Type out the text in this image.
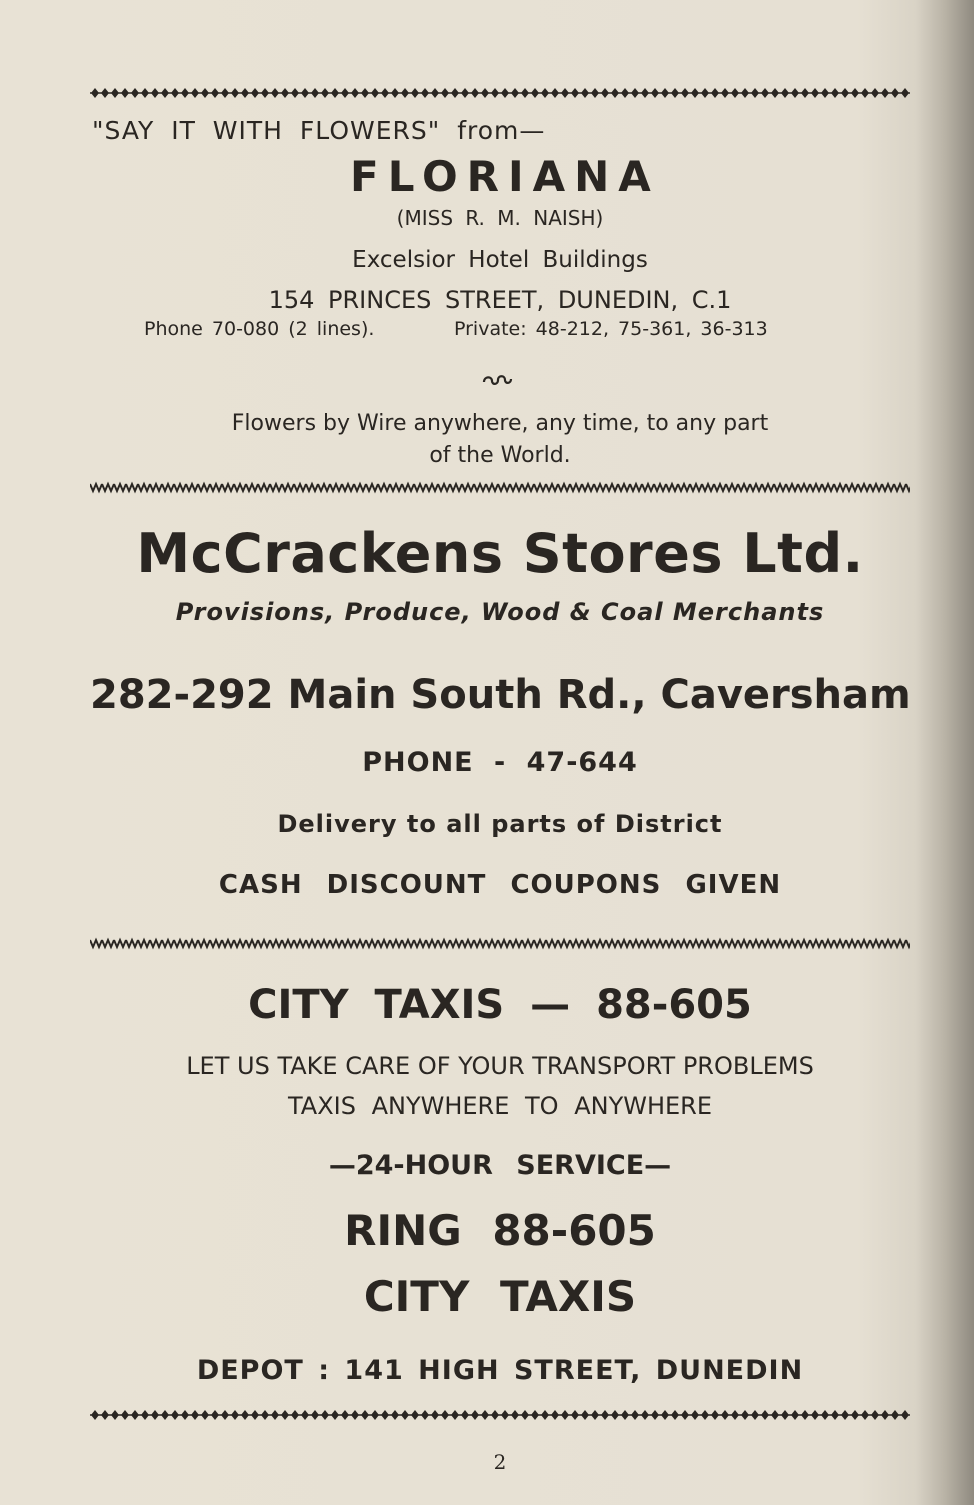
"SAY IT WITH FLOWERS" from—
FLORIANA
(MISS R. M. NAISH)
Excelsior Hotel Buildings
154 PRINCES STREET, DUNEDIN, C.1
Phone 70-080 (2 lines).	Private: 48-212, 75-361, 36-313
Flowers by Wire anywhere, any time, to any part
of the World.
McCrackens Stores Ltd.
Provisions, Produce, Wood & Coal Merchants
282-292 Main South Rd., Caversham
PHONE - 47-644
Delivery to all parts of District
CASH DISCOUNT COUPONS GIVEN
CITY TAXIS — 88-605
LET US TAKE CARE OF YOUR TRANSPORT PROBLEMS
TAXIS ANYWHERE TO ANYWHERE
—24-HOUR SERVICE—
RING 88-605
CITY TAXIS
DEPOT : 141 HIGH STREET, DUNEDIN
2
